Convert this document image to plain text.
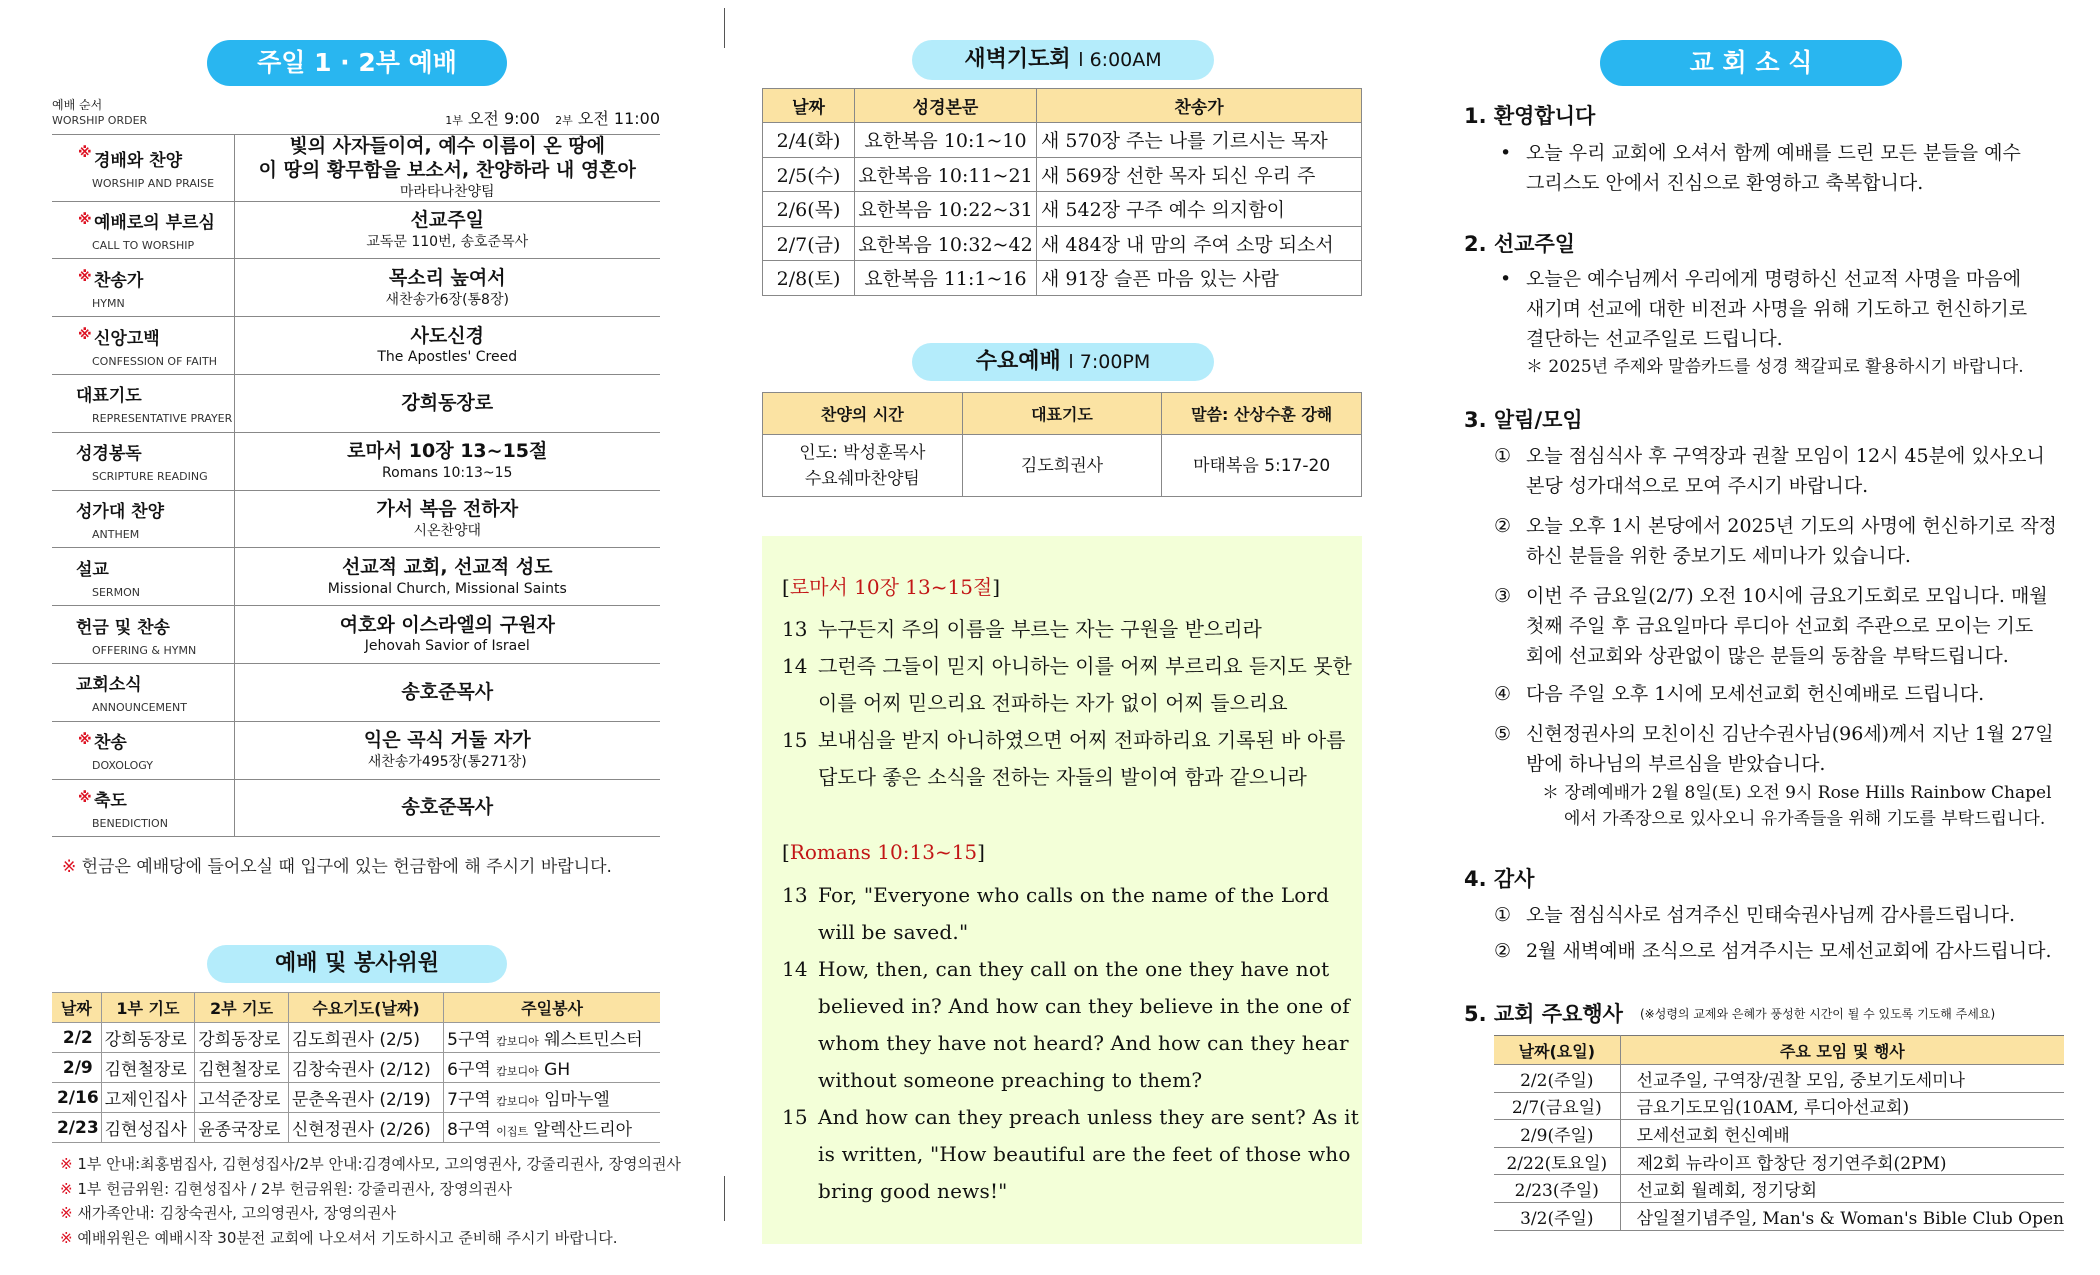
주일 1 · 2부 예배
예배 순서
WORSHIP ORDER	1부 오전 9:00 2부 오전 11:00
※ 경배와 찬양
WORSHIP AND PRAISE	빛의 사자들이여, 예수 이름이 온 땅에
이 땅의 황무함을 보소서, 찬양하라 내 영혼아
마라타나찬양팀

※ 예배로의 부르심
CALL TO WORSHIP	선교주일
교독문 110번, 송호준목사

※ 찬송가
HYMN	목소리 높여서
새찬송가6장(통8장)

※ 신앙고백
CONFESSION OF FAITH	사도신경
The Apostles' Creed

대표기도
REPRESENTATIVE PRAYER	강희동장로

성경봉독
SCRIPTURE READING	로마서 10장 13~15절
Romans 10:13~15

성가대 찬양
ANTHEM	가서 복음 전하자
시온찬양대

설교
SERMON	선교적 교회, 선교적 성도
Missional Church, Missional Saints

헌금 및 찬송
OFFERING & HYMN	여호와 이스라엘의 구원자
Jehovah Savior of Israel

교회소식
ANNOUNCEMENT	송호준목사

※ 찬송
DOXOLOGY	익은 곡식 거둘 자가
새찬송가495장(통271장)

※ 축도
BENEDICTION	송호준목사
※ 헌금은 예배당에 들어오실 때 입구에 있는 헌금함에 해 주시기 바랍니다.
예배 및 봉사위원
날짜	1부 기도	2부 기도	수요기도(날짜)	주일봉사
2/2	강희동장로	강희동장로	김도희권사 (2/5)	5구역 캄보디아 웨스트민스터
2/9	김현철장로	김현철장로	김창숙권사 (2/12)	6구역 캄보디아 GH
2/16	고제인집사	고석준장로	문춘옥권사 (2/19)	7구역 캄보디아 임마누엘
2/23	김현성집사	윤종국장로	신현정권사 (2/26)	8구역 이집트 알렉산드리아
※ 1부 안내:최홍범집사, 김현성집사/2부 안내:김경예사모, 고의영권사, 강줄리권사, 장영의권사
※ 1부 헌금위원: 김현성집사 / 2부 헌금위원: 강줄리권사, 장영의권사
※ 새가족안내: 김창숙권사, 고의영권사, 장영의권사
※ 예배위원은 예배시작 30분전 교회에 나오셔서 기도하시고 준비해 주시기 바랍니다.
새벽기도회 l 6:00AM
날짜	성경본문	찬송가
2/4(화)	요한복음 10:1~10	새 570장 주는 나를 기르시는 목자
2/5(수)	요한복음 10:11~21	새 569장 선한 목자 되신 우리 주
2/6(목)	요한복음 10:22~31	새 542장 구주 예수 의지함이
2/7(금)	요한복음 10:32~42	새 484장 내 맘의 주여 소망 되소서
2/8(토)	요한복음 11:1~16	새 91장 슬픈 마음 있는 사람
수요예배 l 7:00PM
찬양의 시간	대표기도	말씀: 산상수훈 강해
인도: 박성훈목사
수요쉐마찬양팀	김도희권사	마태복음 5:17-20
[로마서 10장 13~15절]
13 누구든지 주의 이름을 부르는 자는 구원을 받으리라
14 그런즉 그들이 믿지 아니하는 이를 어찌 부르리요 듣지도 못한
이를 어찌 믿으리요 전파하는 자가 없이 어찌 들으리요
15 보내심을 받지 아니하였으면 어찌 전파하리요 기록된 바 아름
답도다 좋은 소식을 전하는 자들의 발이여 함과 같으니라
[Romans 10:13~15]
13 For, "Everyone who calls on the name of the Lord
will be saved."
14 How, then, can they call on the one they have not
believed in? And how can they believe in the one of
whom they have not heard? And how can they hear
without someone preaching to them?
15 And how can they preach unless they are sent? As it
is written, "How beautiful are the feet of those who
bring good news!"
교 회 소 식
1. 환영합니다
• 오늘 우리 교회에 오셔서 함께 예배를 드린 모든 분들을 예수
그리스도 안에서 진심으로 환영하고 축복합니다.
2. 선교주일
• 오늘은 예수님께서 우리에게 명령하신 선교적 사명을 마음에
새기며 선교에 대한 비전과 사명을 위해 기도하고 헌신하기로
결단하는 선교주일로 드립니다.
＊ 2025년 주제와 말씀카드를 성경 책갈피로 활용하시기 바랍니다.
3. 알림/모임
① 오늘 점심식사 후 구역장과 권찰 모임이 12시 45분에 있사오니
본당 성가대석으로 모여 주시기 바랍니다.
② 오늘 오후 1시 본당에서 2025년 기도의 사명에 헌신하기로 작정
하신 분들을 위한 중보기도 세미나가 있습니다.
③ 이번 주 금요일(2/7) 오전 10시에 금요기도회로 모입니다. 매월
첫째 주일 후 금요일마다 루디아 선교회 주관으로 모이는 기도
회에 선교회와 상관없이 많은 분들의 동참을 부탁드립니다.
④ 다음 주일 오후 1시에 모세선교회 헌신예배로 드립니다.
⑤ 신현정권사의 모친이신 김난수권사님(96세)께서 지난 1월 27일
밤에 하나님의 부르심을 받았습니다.
＊ 장례예배가 2월 8일(토) 오전 9시 Rose Hills Rainbow Chapel
에서 가족장으로 있사오니 유가족들을 위해 기도를 부탁드립니다.
4. 감사
① 오늘 점심식사로 섬겨주신 민태숙권사님께 감사를드립니다.
② 2월 새벽예배 조식으로 섬겨주시는 모세선교회에 감사드립니다.
5. 교회 주요행사 (※성령의 교제와 은혜가 풍성한 시간이 될 수 있도록 기도해 주세요)
날짜(요일)	주요 모임 및 행사
2/2(주일)	선교주일, 구역장/권찰 모임, 중보기도세미나
2/7(금요일)	금요기도모임(10AM, 루디아선교회)
2/9(주일)	모세선교회 헌신예배
2/22(토요일)	제2회 뉴라이프 합창단 정기연주회(2PM)
2/23(주일)	선교회 월례회, 정기당회
3/2(주일)	삼일절기념주일, Man's & Woman's Bible Club Open
